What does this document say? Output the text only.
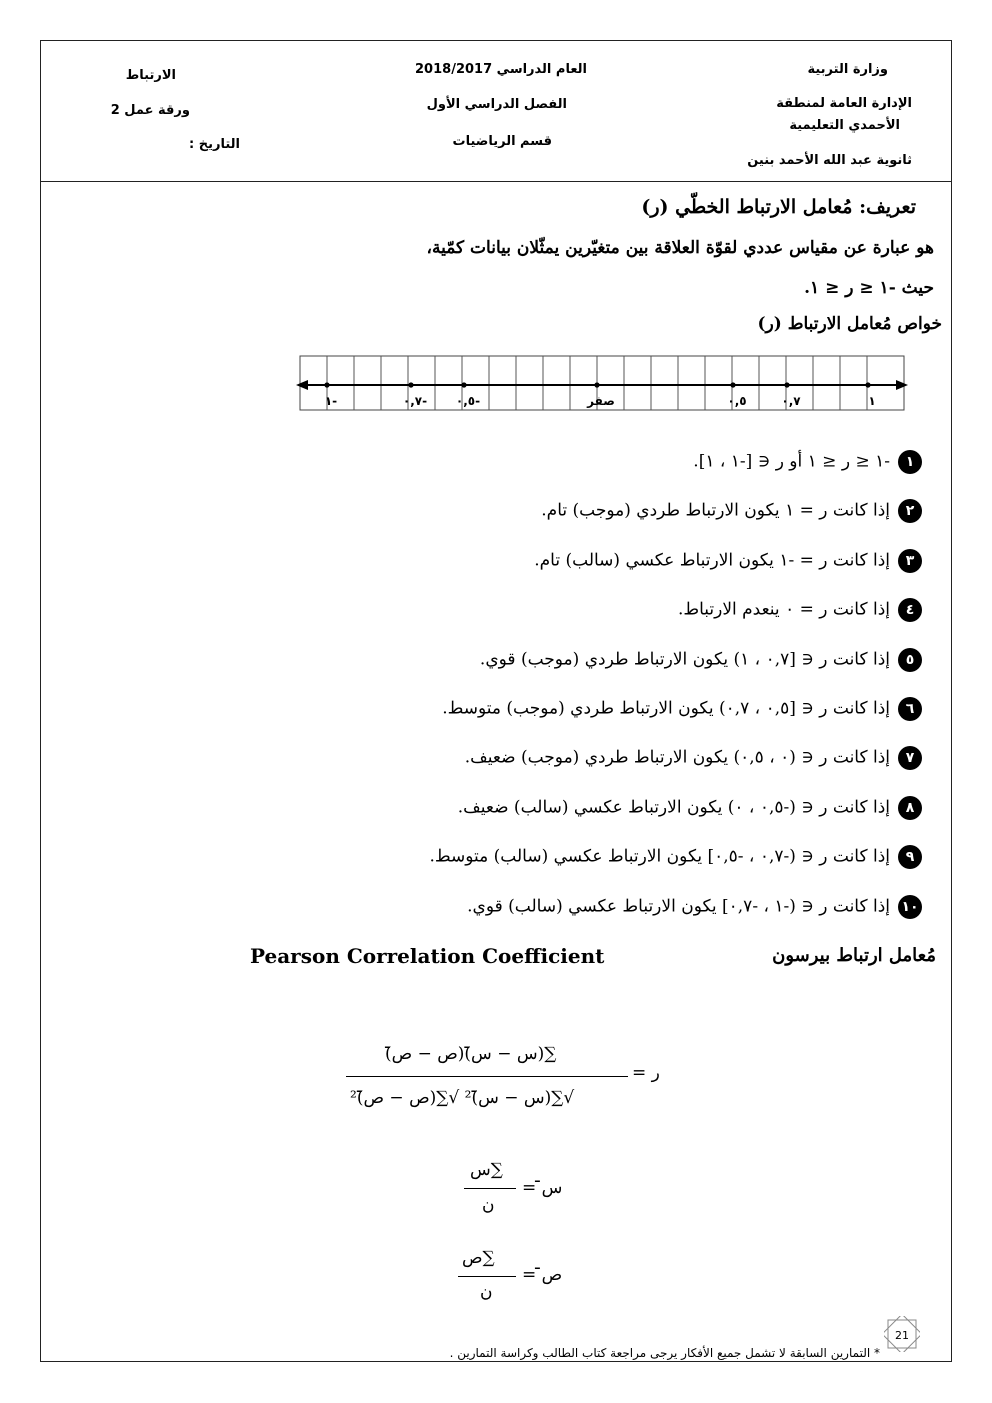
وزارة التربية
الإدارة العامة لمنطقة
الأحمدي التعليمية
ثانوية عبد الله الأحمد بنين
العام الدراسي 2018/2017
الفصل الدراسي الأول
قسم الرياضيات
الارتباط
ورقة عمل 2
التاريخ :
تعريف: مُعامل الارتباط الخطّي (ر)
هو عبارة عن مقياس عددي لقوّة العلاقة بين متغيّرين يمثّلان بيانات كمّية،
حيث -١ ≤ ر ≤ ١.
خواص مُعامل الارتباط (ر)
١-	٠,٧- ٠,٥-	صفر	٠,٥	٠,٧	١
١-١ ≤ ر ≤ ١ أو ر ∈ [-١ ، ١].
٢إذا كانت ر = ١ يكون الارتباط طردي (موجب) تام.
٣إذا كانت ر = -١ يكون الارتباط عكسي (سالب) تام.
٤إذا كانت ر = ٠ ينعدم الارتباط.
٥إذا كانت ر ∈ [٠,٧ ، ١) يكون الارتباط طردي (موجب) قوي.
٦إذا كانت ر ∈ [٠,٥ ، ٠,٧) يكون الارتباط طردي (موجب) متوسط.
٧إذا كانت ر ∈ (٠ ، ٠,٥) يكون الارتباط طردي (موجب) ضعيف.
٨إذا كانت ر ∈ (-٠,٥ ، ٠) يكون الارتباط عكسي (سالب) ضعيف.
٩إذا كانت ر ∈ (-٠,٧ ، -٠,٥] يكون الارتباط عكسي (سالب) متوسط.
١٠إذا كانت ر ∈ (-١ ، -٠,٧] يكون الارتباط عكسي (سالب) قوي.
مُعامل ارتباط بيرسون
Pearson Correlation Coefficient
ر =
∑(س − س̄)(ص − ص̄)
√∑(س − س̄)² √∑(ص − ص̄)²
س̄ =
∑س
ن
ص̄ =
∑ص
ن
21
* التمارين السابقة لا تشمل جميع الأفكار يرجى مراجعة كتاب الطالب وكراسة التمارين .
